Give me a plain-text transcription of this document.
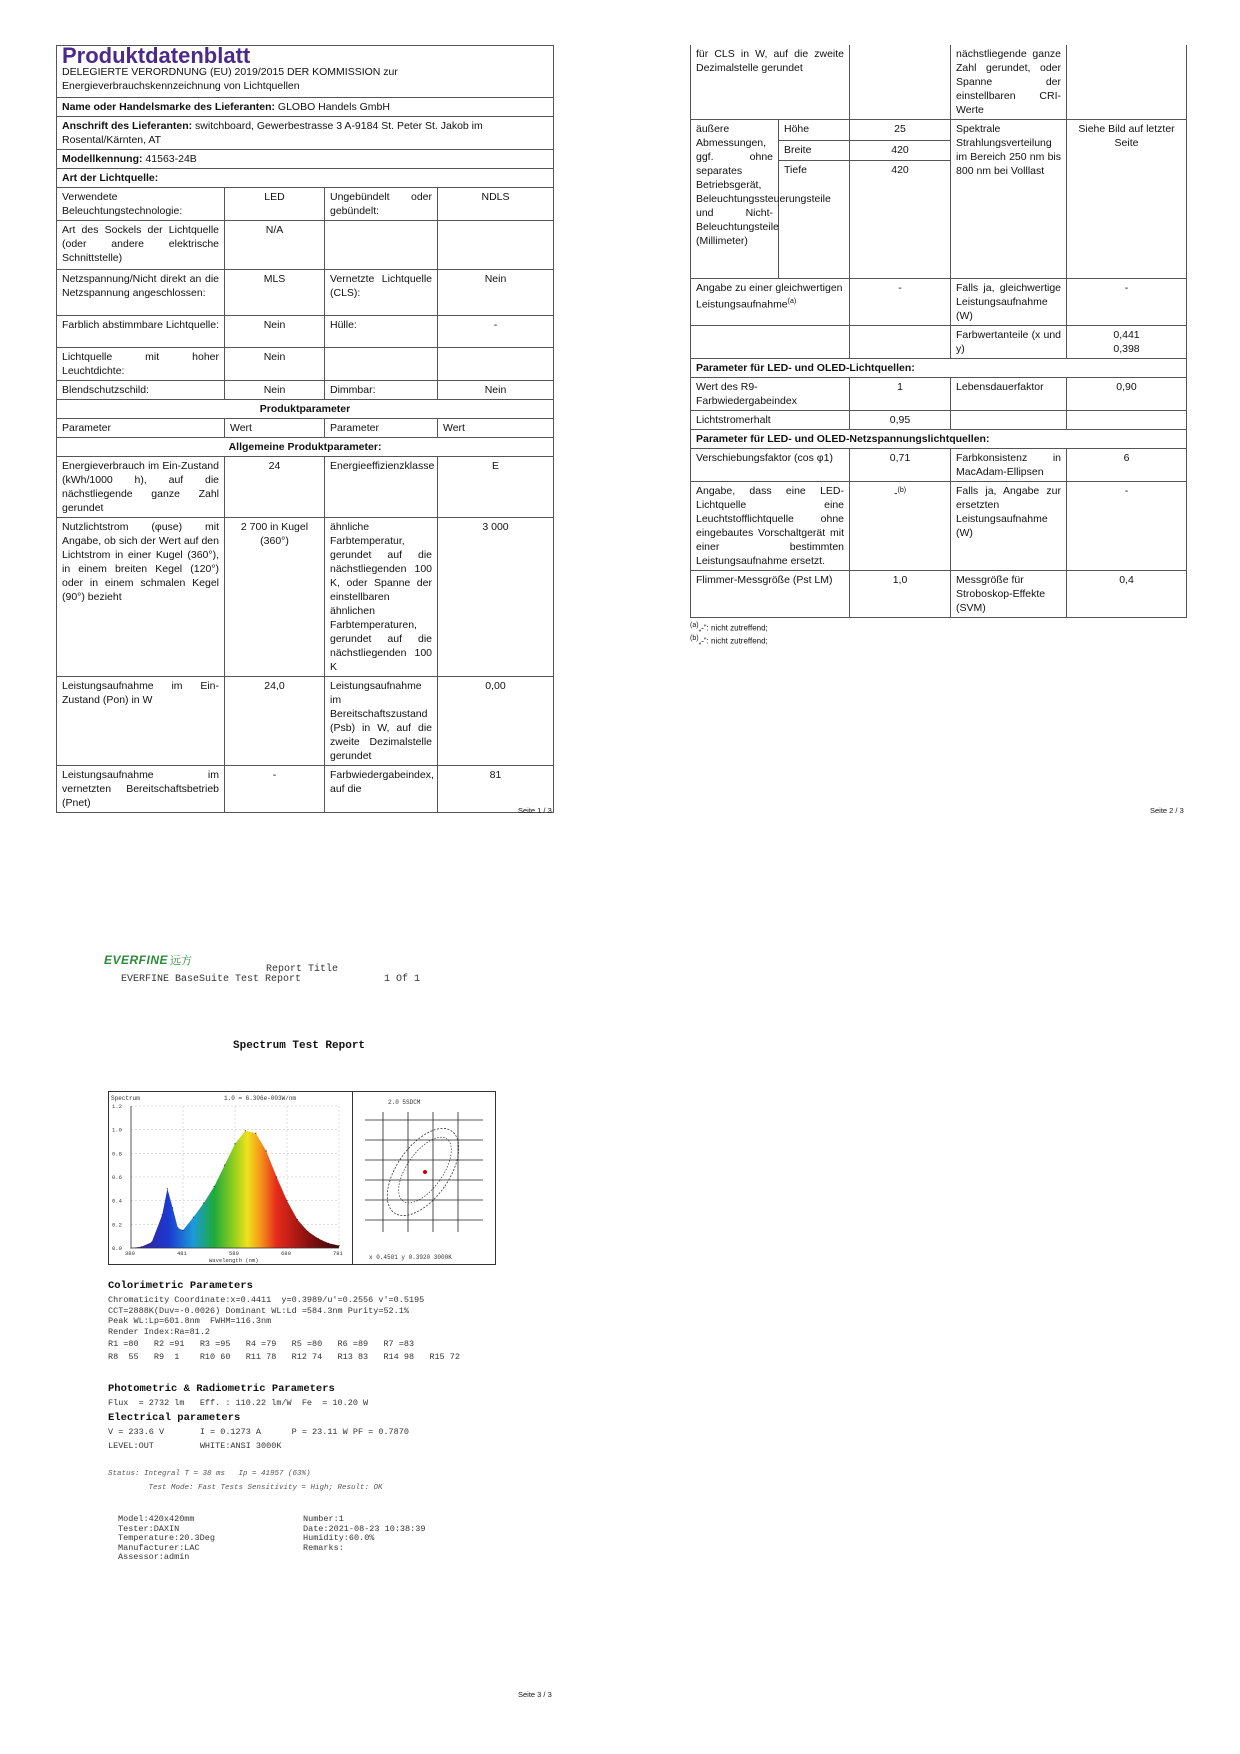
Produktdatenblatt
DELEGIERTE VERORDNUNG (EU) 2019/2015 DER KOMMISSION zur Energieverbrauchskennzeichnung von Lichtquellen			

Name oder Handelsmarke des Lieferanten: GLOBO Handels GmbH			
Anschrift des Lieferanten: switchboard, Gewerbestrasse 3 A-9184 St. Peter St. Jakob im Rosental/Kärnten, AT			
Modellkennung: 41563-24B			
Art der Lichtquelle:			
Verwendete Beleuchtungstechnologie:	LED	Ungebündelt oder gebündelt:	NDLS
Art des Sockels der Lichtquelle (oder andere elektrische Schnittstelle)	N/A		
Netzspannung/Nicht direkt an die Netzspannung angeschlossen:	MLS	Vernetzte Lichtquelle (CLS):	Nein
Farblich abstimmbare Lichtquelle:	Nein	Hülle:	-
Lichtquelle mit hoher Leuchtdichte:	Nein		
Blendschutzschild:	Nein	Dimmbar:	Nein
Produktparameter			
Parameter	Wert	Parameter	Wert
Allgemeine Produktparameter:			
Energieverbrauch im Ein-Zustand (kWh/1000 h), auf die nächstliegende ganze Zahl gerundet	24	Energieeffizienzklasse	E
Nutzlichtstrom (φuse) mit Angabe, ob sich der Wert auf den Lichtstrom in einer Kugel (360°), in einem breiten Kegel (120°) oder in einem schmalen Kegel (90°) bezieht	2 700 in Kugel (360°)	ähnliche Farbtemperatur, gerundet auf die nächstliegenden 100 K, oder Spanne der einstellbaren ähnlichen Farbtemperaturen, gerundet auf die nächstliegenden 100 K	3 000
Leistungsaufnahme im Ein-Zustand (Pon) in W	24,0	Leistungsaufnahme im Bereitschaftszustand (Psb) in W, auf die zweite Dezimalstelle gerundet	0,00
Leistungsaufnahme im vernetzten Bereitschaftsbetrieb (Pnet)	-	Farbwiedergabeindex, auf die	81
Seite 1 / 3
für CLS in W, auf die zweite Dezimalstelle gerundet			nächstliegende ganze Zahl gerundet, oder Spanne der einstellbaren CRI-Werte	
äußere Abmessungen, ggf. ohne separates Betriebsgerät, Beleuchtungssteuerungsteile und Nicht-Beleuchtungsteile (Millimeter)	Höhe	25	Spektrale Strahlungsverteilung im Bereich 250 nm bis 800 nm bei Volllast	Siehe Bild auf letzter Seite
	Breite	420		
	Tiefe	420		
Angabe zu einer gleichwertigen Leistungsaufnahme$^{(a)}$		-	Falls ja, gleichwertige Leistungsaufnahme (W)	-
			Farbwertanteile (x und y)	0,441
0,398

Parameter für LED- und OLED-Lichtquellen:				
Wert des R9-Farbwiedergabeindex		1	Lebensdauerfaktor	0,90
Lichtstromerhalt		0,95		
Parameter für LED- und OLED-Netzspannungslichtquellen:				
Verschiebungsfaktor (cos φ1)		0,71	Farbkonsistenz in MacAdam-Ellipsen	6
Angabe, dass eine LED-Lichtquelle eine Leuchtstofflichtquelle ohne eingebautes Vorschaltgerät mit einer bestimmten Leistungsaufnahme ersetzt.		-$^{(b)}$	Falls ja, Angabe zur ersetzten Leistungsaufnahme (W)	-
Flimmer-Messgröße (Pst LM)		1,0	Messgröße für Stroboskop-Effekte (SVM)	0,4
$^{(a)}$„-“: nicht zutreffend;
$^{(b)}$„-“: nicht zutreffend;
Seite 2 / 3
EVERFINE 远方
Report Title
EVERFINE BaseSuite Test Report	1 Of 1
Spectrum Test Report
Spectrum	1.0 = 6.306e-003W/nm
Wavelength (nm)
0.0
0.2
0.4
0.6
0.8
1.0
1.2
380	481	580	680	781
2.0 5SDCM
x 0.4501 y 0.3920 3000K
Colorimetric Parameters
Chromaticity Coordinate:x=0.4411  y=0.3989/u'=0.2556 v'=0.5195
CCT=2888K(Duv=-0.0026) Dominant WL:Ld =584.3nm Purity=52.1%
Peak WL:Lp=601.8nm  FWHM=116.3nm
Render Index:Ra=81.2
R1 =80   R2 =91   R3 =95   R4 =79   R5 =80   R6 =89   R7 =83
R8  55   R9  1    R10 60   R11 78   R12 74   R13 83   R14 98   R15 72
Photometric & Radiometric Parameters
Flux  = 2732 lm   Eff. : 110.22 lm/W  Fe  = 10.20 W
Electrical parameters
V = 233.6 V       I = 0.1273 A      P = 23.11 W PF = 0.7870
LEVEL:OUT         WHITE:ANSI 3000K
Status: Integral T = 38 ms   Ip = 41957 (63%)
Test Mode: Fast Tests Sensitivity = High; Result: OK
Model:420x420mm
Tester:DAXIN
Temperature:20.3Deg
Manufacturer:LAC
Assessor:admin
Number:1
Date:2021-08-23 10:38:39
Humidity:60.0%
Remarks:
Seite 3 / 3
